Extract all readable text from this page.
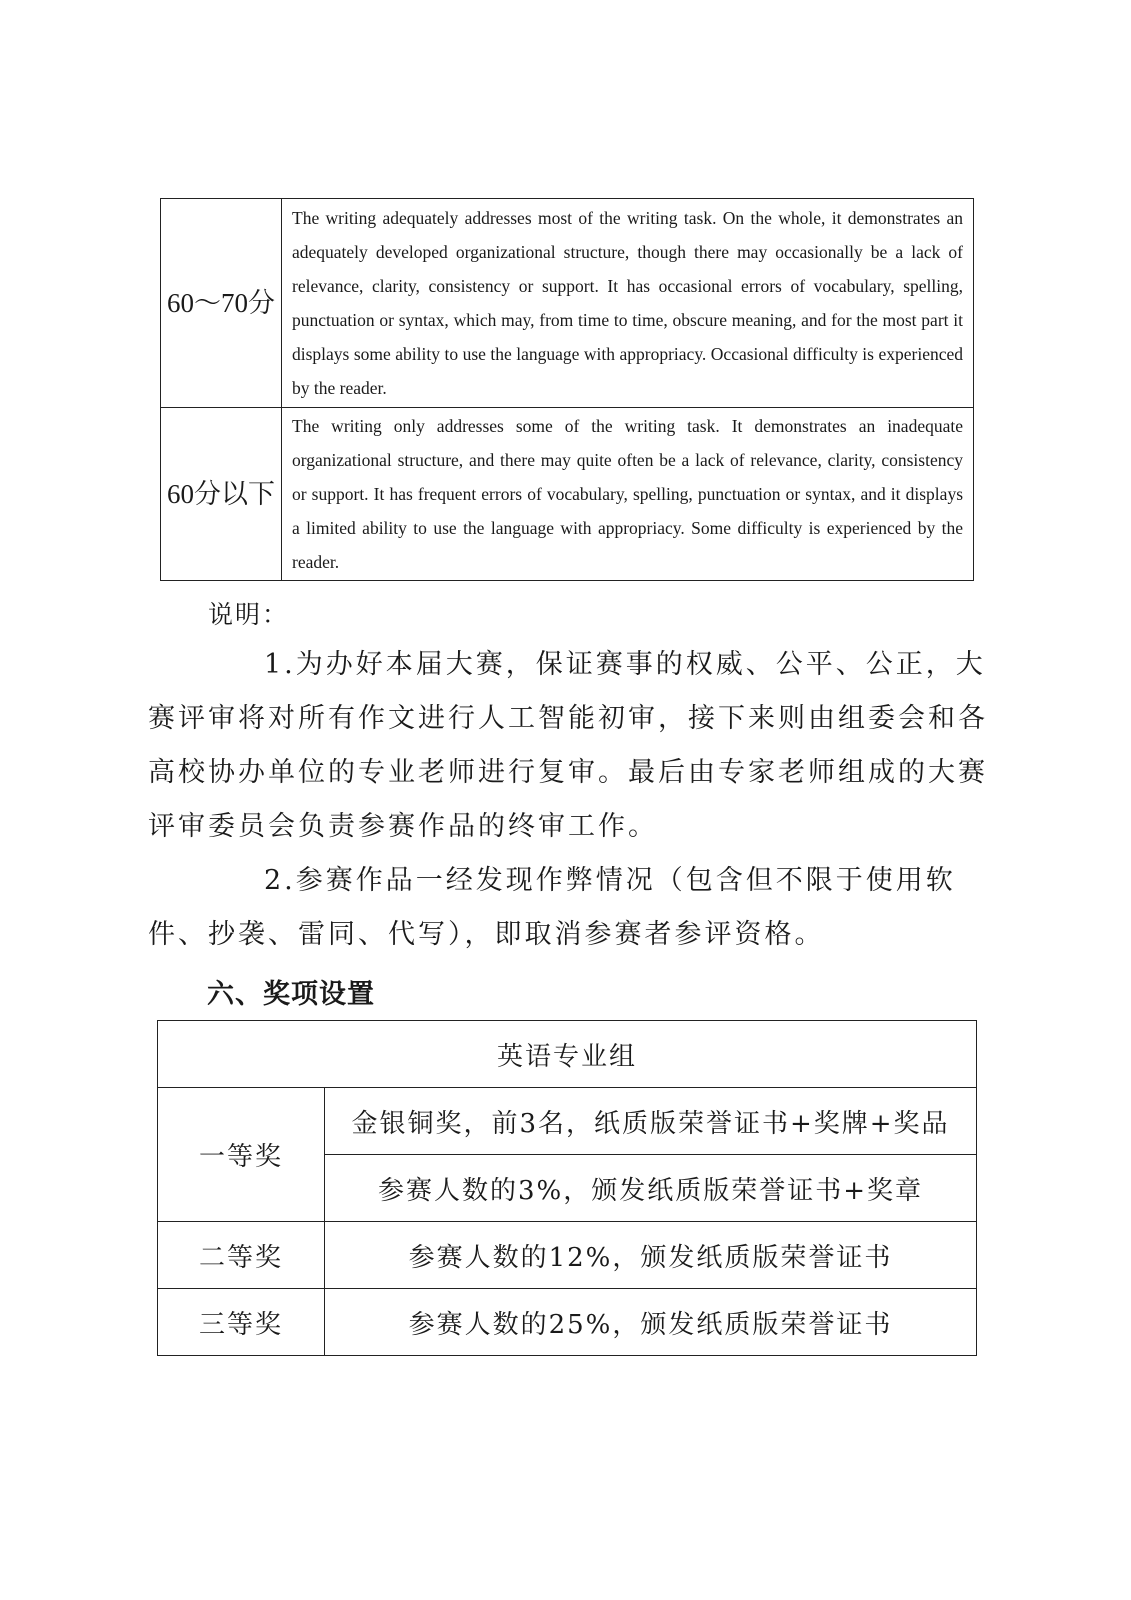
60～70分	The writing adequately addresses most of the writing task. On the whole, it demonstrates an adequately developed organizational structure, though there may occasionally be a lack of relevance, clarity, consistency or support. It has occasional errors of vocabulary, spelling, punctuation or syntax, which may, from time to time, obscure meaning, and for the most part it displays some ability to use the language with appropriacy. Occasional difficulty is experienced by the reader.
60分以下	The writing only addresses some of the writing task. It demonstrates an inadequate organizational structure, and there may quite often be a lack of relevance, clarity, consistency or support. It has frequent errors of vocabulary, spelling, punctuation or syntax, and it displays a limited ability to use the language with appropriacy. Some difficulty is experienced by the reader.
说明：

1.为办好本届大赛，保证赛事的权威、公平、公正，大赛评审将对所有作文进行人工智能初审，接下来则由组委会和各高校协办单位的专业老师进行复审。最后由专家老师组成的大赛评审委员会负责参赛作品的终审工作。

2.参赛作品一经发现作弊情况（包含但不限于使用软件、抄袭、雷同、代写），即取消参赛者参评资格。

六、奖项设置
英语专业组	
一等奖	金银铜奖，前3名，纸质版荣誉证书+奖牌+奖品
	参赛人数的3%，颁发纸质版荣誉证书+奖章
二等奖	参赛人数的12%，颁发纸质版荣誉证书
三等奖	参赛人数的25%，颁发纸质版荣誉证书
